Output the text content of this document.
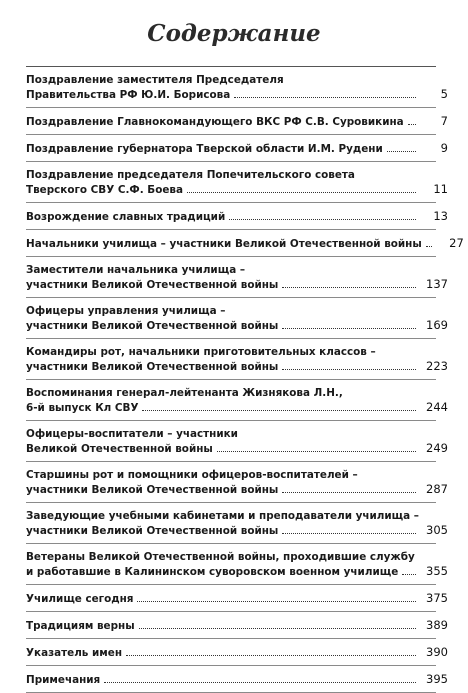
Содержание
Поздравление заместителя Председателя
Правительства РФ Ю.И. Борисова	5
Поздравление Главнокомандующего ВКС РФ С.В. Суровикина	7
Поздравление губернатора Тверской области И.М. Рудени	9
Поздравление председателя Попечительского совета
Тверского СВУ С.Ф. Боева	11
Возрождение славных традиций	13
Начальники училища – участники Великой Отечественной войны	27
Заместители начальника училища –
участники Великой Отечественной войны	137
Офицеры управления училища –
участники Великой Отечественной войны	169
Командиры рот, начальники приготовительных классов –
участники Великой Отечественной войны	223
Воспоминания генерал-лейтенанта Жизнякова Л.Н.,
6-й выпуск Кл СВУ	244
Офицеры-воспитатели – участники
Великой Отечественной войны	249
Старшины рот и помощники офицеров-воспитателей –
участники Великой Отечественной войны	287
Заведующие учебными кабинетами и преподаватели училища –
участники Великой Отечественной войны	305
Ветераны Великой Отечественной войны, проходившие службу
и работавшие в Калининском суворовском военном училище	355
Училище сегодня	375
Традициям верны	389
Указатель имен	390
Примечания	395
